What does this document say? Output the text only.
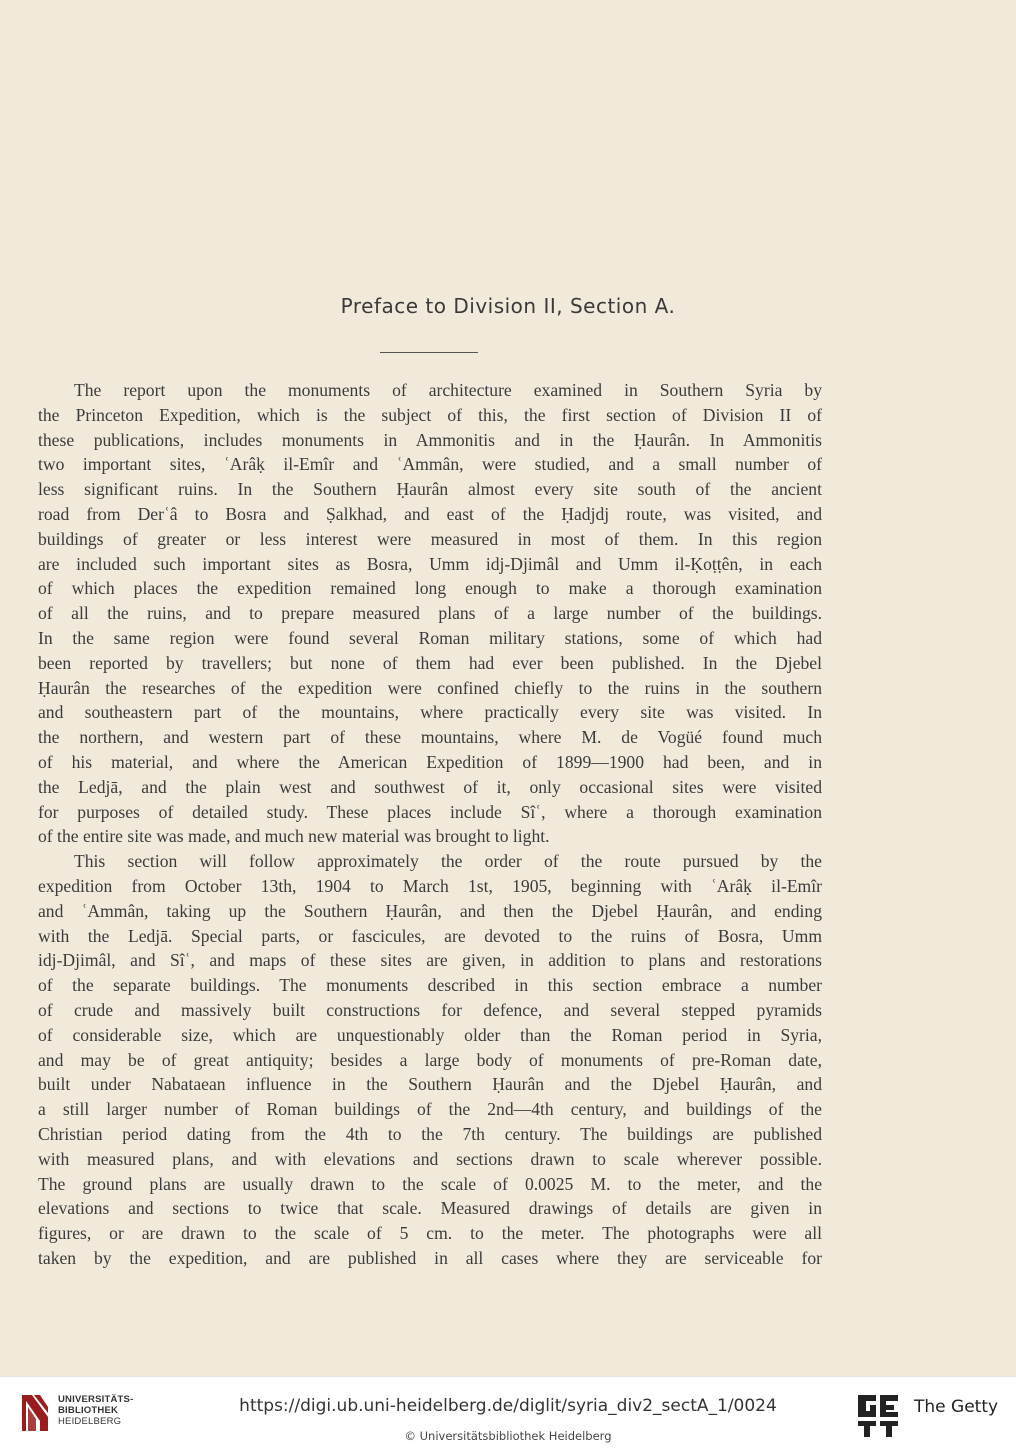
Preface to Division II, Section A.
The report upon the monuments of architecture examined in Southern Syria by
the Princeton Expedition, which is the subject of this, the first section of Division II of
these publications, includes monuments in Ammonitis and in the Ḥaurân. In Ammonitis
two important sites, ʿArâḳ il-Emîr and ʿAmmân, were studied, and a small number of
less significant ruins. In the Southern Ḥaurân almost every site south of the ancient
road from Derʿâ to Bosra and Ṣalkhad, and east of the Ḥadjdj route, was visited, and
buildings of greater or less interest were measured in most of them. In this region
are included such important sites as Bosra, Umm idj-Djimâl and Umm il-Ḳoṭṭên, in each
of which places the expedition remained long enough to make a thorough examination
of all the ruins, and to prepare measured plans of a large number of the buildings.
In the same region were found several Roman military stations, some of which had
been reported by travellers; but none of them had ever been published. In the Djebel
Ḥaurân the researches of the expedition were confined chiefly to the ruins in the southern
and southeastern part of the mountains, where practically every site was visited. In
the northern, and western part of these mountains, where M. de Vogüé found much
of his material, and where the American Expedition of 1899—1900 had been, and in
the Ledjā, and the plain west and southwest of it, only occasional sites were visited
for purposes of detailed study. These places include Sîʿ, where a thorough examination
of the entire site was made, and much new material was brought to light.
This section will follow approximately the order of the route pursued by the
expedition from October 13th, 1904 to March 1st, 1905, beginning with ʿArâḳ il-Emîr
and ʿAmmân, taking up the Southern Ḥaurân, and then the Djebel Ḥaurân, and ending
with the Ledjā. Special parts, or fascicules, are devoted to the ruins of Bosra, Umm
idj-Djimâl, and Sîʿ, and maps of these sites are given, in addition to plans and restorations
of the separate buildings. The monuments described in this section embrace a number
of crude and massively built constructions for defence, and several stepped pyramids
of considerable size, which are unquestionably older than the Roman period in Syria,
and may be of great antiquity; besides a large body of monuments of pre-Roman date,
built under Nabataean influence in the Southern Ḥaurân and the Djebel Ḥaurân, and
a still larger number of Roman buildings of the 2nd—4th century, and buildings of the
Christian period dating from the 4th to the 7th century. The buildings are published
with measured plans, and with elevations and sections drawn to scale wherever possible.
The ground plans are usually drawn to the scale of 0.0025 M. to the meter, and the
elevations and sections to twice that scale. Measured drawings of details are given in
figures, or are drawn to the scale of 5 cm. to the meter. The photographs were all
taken by the expedition, and are published in all cases where they are serviceable for
UNIVERSITÄTS-
BIBLIOTHEK
HEIDELBERG
https://digi.ub.uni-heidelberg.de/diglit/syria_div2_sectA_1/0024
© Universitätsbibliothek Heidelberg
The Getty
